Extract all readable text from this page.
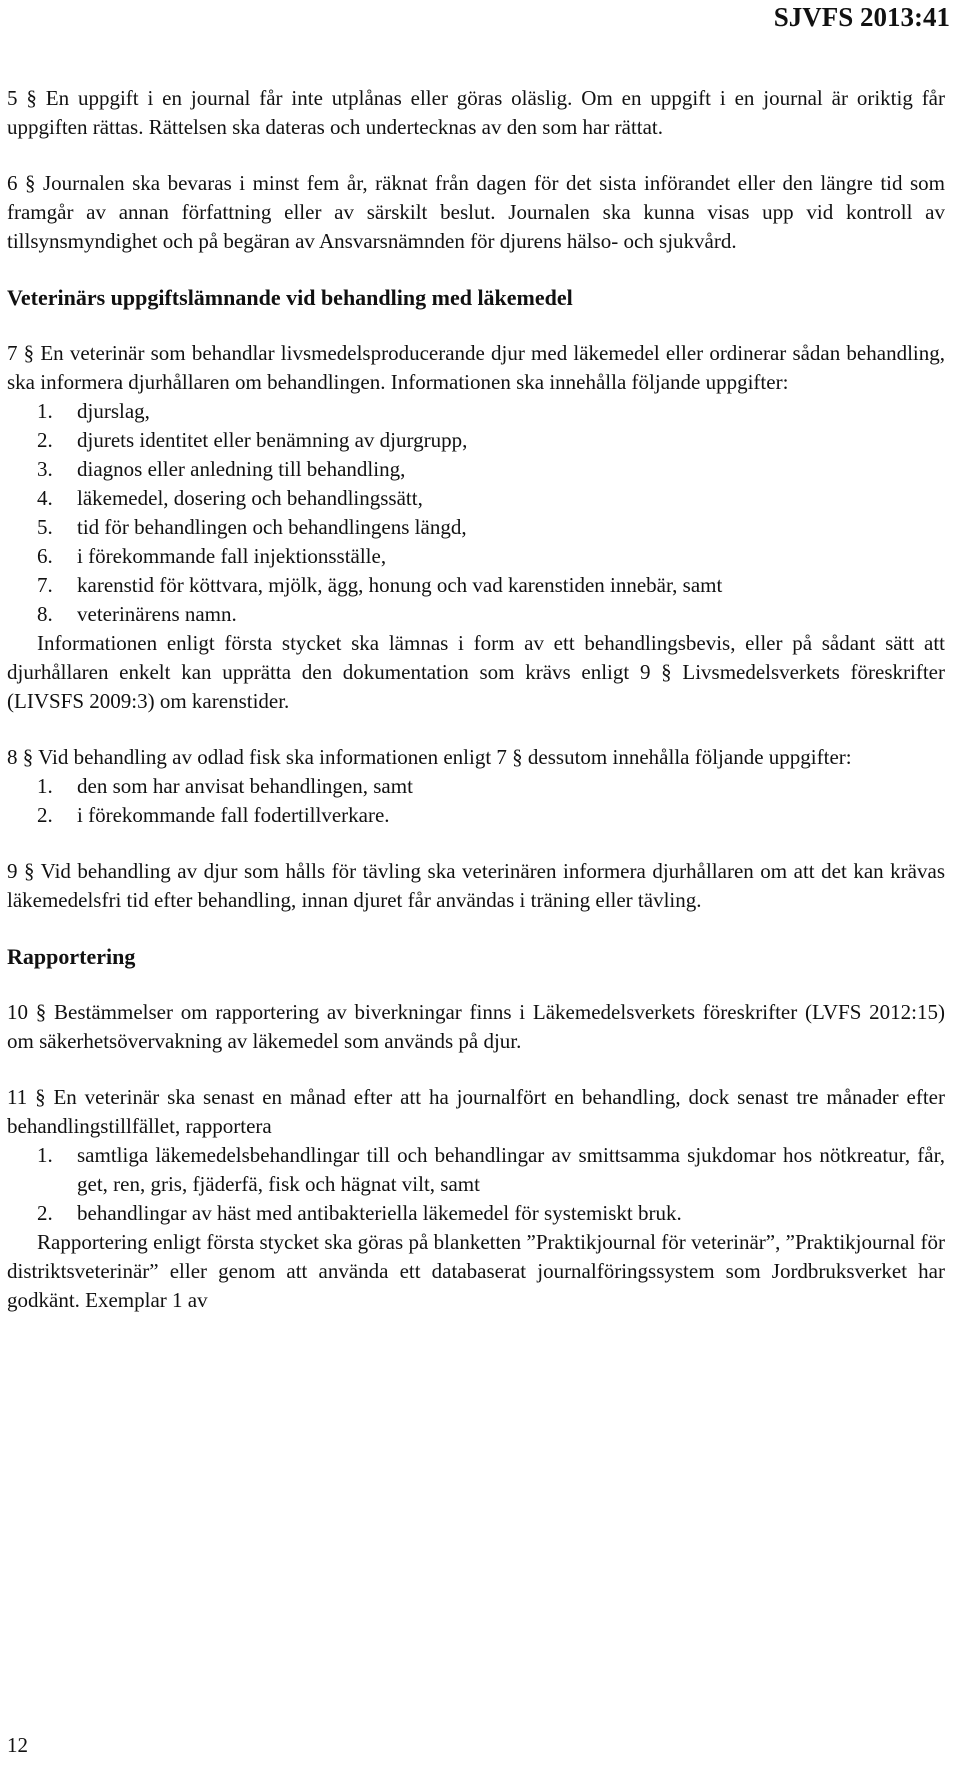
SJVFS 2013:41

5 § En uppgift i en journal får inte utplånas eller göras oläslig. Om en uppgift i en journal är oriktig får uppgiften rättas. Rättelsen ska dateras och undertecknas av den som har rättat.

6 § Journalen ska bevaras i minst fem år, räknat från dagen för det sista införandet eller den längre tid som framgår av annan författning eller av särskilt beslut. Journalen ska kunna visas upp vid kontroll av tillsynsmyndighet och på begäran av Ansvarsnämnden för djurens hälso- och sjukvård.

Veterinärs uppgiftslämnande vid behandling med läkemedel

7 § En veterinär som behandlar livsmedelsproducerande djur med läkemedel eller ordinerar sådan behandling, ska informera djurhållaren om behandlingen. Informationen ska innehålla följande uppgifter:

1.	djurslag,
2.	djurets identitet eller benämning av djurgrupp,
3.	diagnos eller anledning till behandling,
4.	läkemedel, dosering och behandlingssätt,
5.	tid för behandlingen och behandlingens längd,
6.	i förekommande fall injektionsställe,
7.	karenstid för köttvara, mjölk, ägg, honung och vad karenstiden innebär, samt
8.	veterinärens namn.

Informationen enligt första stycket ska lämnas i form av ett behandlingsbevis, eller på sådant sätt att djurhållaren enkelt kan upprätta den dokumentation som krävs enligt 9 § Livsmedelsverkets föreskrifter (LIVSFS 2009:3) om karenstider.

8 § Vid behandling av odlad fisk ska informationen enligt 7 § dessutom innehålla följande uppgifter:

1.	den som har anvisat behandlingen, samt
2.	i förekommande fall fodertillverkare.

9 § Vid behandling av djur som hålls för tävling ska veterinären informera djurhållaren om att det kan krävas läkemedelsfri tid efter behandling, innan djuret får användas i träning eller tävling.

Rapportering

10 § Bestämmelser om rapportering av biverkningar finns i Läkemedelsverkets föreskrifter (LVFS 2012:15) om säkerhetsövervakning av läkemedel som används på djur.

11 § En veterinär ska senast en månad efter att ha journalfört en behandling, dock senast tre månader efter behandlingstillfället, rapportera

1.	samtliga läkemedelsbehandlingar till och behandlingar av smittsamma sjukdomar hos nötkreatur, får, get, ren, gris, fjäderfä, fisk och hägnat vilt, samt
2.	behandlingar av häst med antibakteriella läkemedel för systemiskt bruk.

Rapportering enligt första stycket ska göras på blanketten ”Praktikjournal för veterinär”, ”Praktikjournal för distriktsveterinär” eller genom att använda ett databaserat journalföringssystem som Jordbruksverket har godkänt. Exemplar 1 av

12
